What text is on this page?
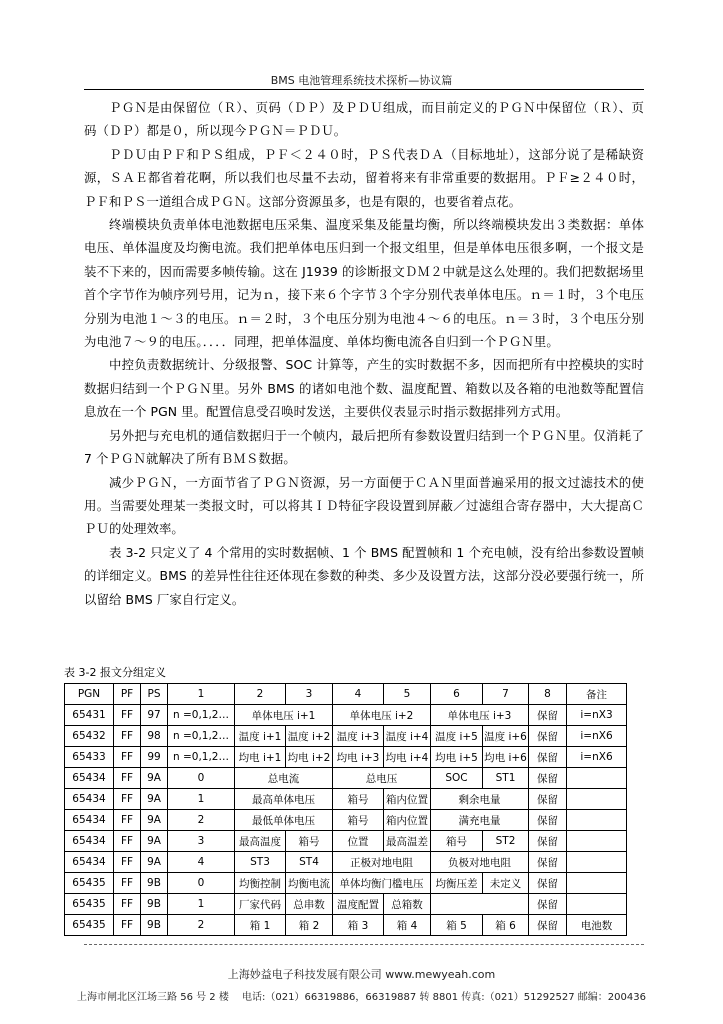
BMS 电池管理系统技术探析—协议篇

ＰＧＮ是由保留位（Ｒ）、页码（ＤＰ）及ＰＤＵ组成，而目前定义的ＰＧＮ中保留位（Ｒ）、页码（ＤＰ）都是０，所以现今ＰＧＮ＝ＰＤＵ。

ＰＤＵ由ＰＦ和ＰＳ组成，ＰＦ＜２４０时，ＰＳ代表ＤＡ（目标地址），这部分说了是稀缺资源，ＳＡＥ都省着花啊，所以我们也尽量不去动，留着将来有非常重要的数据用。ＰＦ≥２４０时，ＰＦ和ＰＳ一道组合成ＰＧＮ。这部分资源虽多，也是有限的，也要省着点花。

终端模块负责单体电池数据电压采集、温度采集及能量均衡，所以终端模块发出３类数据：单体电压、单体温度及均衡电流。我们把单体电压归到一个报文组里，但是单体电压很多啊，一个报文是装不下来的，因而需要多帧传输。这在 J1939 的诊断报文ＤＭ２中就是这么处理的。我们把数据场里首个字节作为帧序列号用，记为ｎ，接下来６个字节３个字分别代表单体电压。ｎ＝１时，３个电压分别为电池１～３的电压。ｎ＝２时，３个电压分别为电池４～６的电压。ｎ＝３时，３个电压分别为电池７～９的电压。．．．．同理，把单体温度、单体均衡电流各自归到一个ＰＧＮ里。

中控负责数据统计、分级报警、SOC 计算等，产生的实时数据不多，因而把所有中控模块的实时数据归结到一个ＰＧＮ里。另外 BMS 的诸如电池个数、温度配置、箱数以及各箱的电池数等配置信息放在一个 PGN 里。配置信息受召唤时发送，主要供仪表显示时指示数据排列方式用。

另外把与充电机的通信数据归于一个帧内，最后把所有参数设置归结到一个ＰＧＮ里。仅消耗了 7 个ＰＧＮ就解决了所有ＢＭＳ数据。

减少ＰＧＮ，一方面节省了ＰＧＮ资源，另一方面便于ＣＡＮ里面普遍采用的报文过滤技术的使用。当需要处理某一类报文时，可以将其ＩＤ特征字段设置到屏蔽／过滤组合寄存器中，大大提高ＣＰＵ的处理效率。

表 3-2 只定义了 4 个常用的实时数据帧、1 个 BMS 配置帧和 1 个充电帧，没有给出参数设置帧的详细定义。BMS 的差异性往往还体现在参数的种类、多少及设置方法，这部分没必要强行统一，所以留给 BMS 厂家自行定义。

表 3-2 报文分组定义
PGN	PF	PS	1	2	3	4	5	6	7	8	备注
65431	FF	97	n =0,1,2…	单体电压 i+1		单体电压 i+2		单体电压 i+3		保留	i=nX3
65432	FF	98	n =0,1,2…	温度 i+1	温度 i+2	温度 i+3	温度 i+4	温度 i+5	温度 i+6	保留	i=nX6
65433	FF	99	n =0,1,2…	均电 i+1	均电 i+2	均电 i+3	均电 i+4	均电 i+5	均电 i+6	保留	i=nX6
65434	FF	9A	0	总电流		总电压		SOC	ST1	保留	
65434	FF	9A	1	最高单体电压		箱号	箱内位置	剩余电量		保留	
65434	FF	9A	2	最低单体电压		箱号	箱内位置	满充电量		保留	
65434	FF	9A	3	最高温度	箱号	位置	最高温差	箱号	ST2	保留	
65434	FF	9A	4	ST3	ST4	正极对地电阻		负极对地电阻		保留	
65435	FF	9B	0	均衡控制	均衡电流	单体均衡门槛电压		均衡压差	未定义	保留	
65435	FF	9B	1	厂家代码	总串数	温度配置	总箱数			保留	
65435	FF	9B	2	箱 1	箱 2	箱 3	箱 4	箱 5	箱 6	保留	电池数
上海妙益电子科技发展有限公司 www.mewyeah.com
上海市闸北区江场三路 56 号 2 楼　 电话:（021）66319886，66319887 转 8801 传真:（021）51292527 邮编：200436
